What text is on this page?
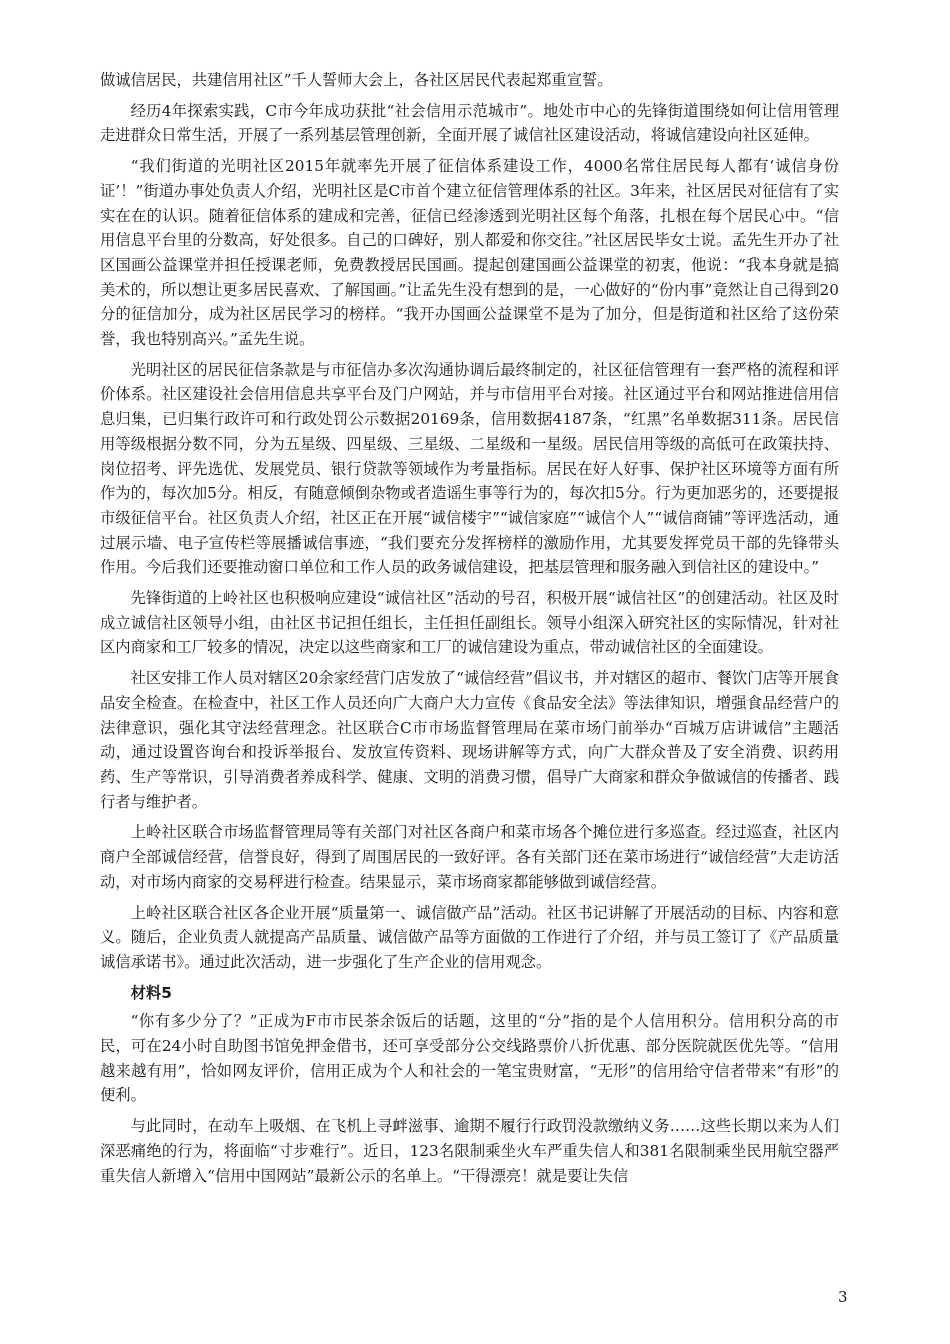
做诚信居民，共建信用社区”千人誓师大会上，各社区居民代表起郑重宣誓。

经历4年探索实践，C市今年成功获批“社会信用示范城市”。地处市中心的先锋街道围绕如何让信用管理走进群众日常生活，开展了一系列基层管理创新，全面开展了诚信社区建设活动，将诚信建设向社区延伸。

“我们街道的光明社区2015年就率先开展了征信体系建设工作，4000名常住居民每人都有‘诚信身份证’！”街道办事处负责人介绍，光明社区是C市首个建立征信管理体系的社区。3年来，社区居民对征信有了实实在在的认识。随着征信体系的建成和完善，征信已经渗透到光明社区每个角落，扎根在每个居民心中。“信用信息平台里的分数高，好处很多。自己的口碑好，别人都爱和你交往。”社区居民毕女士说。孟先生开办了社区国画公益课堂并担任授课老师，免费教授居民国画。提起创建国画公益课堂的初衷，他说：“我本身就是搞美术的，所以想让更多居民喜欢、了解国画。”让孟先生没有想到的是，一心做好的“份内事”竟然让自己得到20分的征信加分，成为社区居民学习的榜样。“我开办国画公益课堂不是为了加分，但是街道和社区给了这份荣誉，我也特别高兴。”孟先生说。

光明社区的居民征信条款是与市征信办多次沟通协调后最终制定的，社区征信管理有一套严格的流程和评价体系。社区建设社会信用信息共享平台及门户网站，并与市信用平台对接。社区通过平台和网站推进信用信息归集，已归集行政许可和行政处罚公示数据20169条，信用数据4187条，“红黑”名单数据311条。居民信用等级根据分数不同，分为五星级、四星级、三星级、二星级和一星级。居民信用等级的高低可在政策扶持、岗位招考、评先选优、发展党员、银行贷款等领域作为考量指标。居民在好人好事、保护社区环境等方面有所作为的，每次加5分。相反，有随意倾倒杂物或者造谣生事等行为的，每次扣5分。行为更加恶劣的，还要提报市级征信平台。社区负责人介绍，社区正在开展“诚信楼宇”“诚信家庭”“诚信个人”“诚信商铺”等评选活动，通过展示墙、电子宣传栏等展播诚信事迹，“我们要充分发挥榜样的激励作用，尤其要发挥党员干部的先锋带头作用。今后我们还要推动窗口单位和工作人员的政务诚信建设，把基层管理和服务融入到信社区的建设中。”

先锋街道的上岭社区也积极响应建设“诚信社区”活动的号召，积极开展“诚信社区”的创建活动。社区及时成立诚信社区领导小组，由社区书记担任组长，主任担任副组长。领导小组深入研究社区的实际情况，针对社区内商家和工厂较多的情况，决定以这些商家和工厂的诚信建设为重点，带动诚信社区的全面建设。

社区安排工作人员对辖区20余家经营门店发放了“诚信经营”倡议书，并对辖区的超市、餐饮门店等开展食品安全检查。在检查中，社区工作人员还向广大商户大力宣传《食品安全法》等法律知识，增强食品经营户的法律意识，强化其守法经营理念。社区联合C市市场监督管理局在菜市场门前举办“百城万店讲诚信”主题活动，通过设置咨询台和投诉举报台、发放宣传资料、现场讲解等方式，向广大群众普及了安全消费、识药用药、生产等常识，引导消费者养成科学、健康、文明的消费习惯，倡导广大商家和群众争做诚信的传播者、践行者与维护者。

上岭社区联合市场监督管理局等有关部门对社区各商户和菜市场各个摊位进行多巡查。经过巡查，社区内商户全部诚信经营，信誉良好，得到了周围居民的一致好评。各有关部门还在菜市场进行“诚信经营”大走访活动，对市场内商家的交易秤进行检查。结果显示，菜市场商家都能够做到诚信经营。

上岭社区联合社区各企业开展“质量第一、诚信做产品”活动。社区书记讲解了开展活动的目标、内容和意义。随后，企业负责人就提高产品质量、诚信做产品等方面做的工作进行了介绍，并与员工签订了《产品质量诚信承诺书》。通过此次活动，进一步强化了生产企业的信用观念。

材料5

“你有多少分了？”正成为F市市民茶余饭后的话题，这里的“分”指的是个人信用积分。信用积分高的市民，可在24小时自助图书馆免押金借书，还可享受部分公交线路票价八折优惠、部分医院就医优先等。“信用越来越有用”，恰如网友评价，信用正成为个人和社会的一笔宝贵财富，“无形”的信用给守信者带来“有形”的便利。

与此同时，在动车上吸烟、在飞机上寻衅滋事、逾期不履行行政罚没款缴纳义务……这些长期以来为人们深恶痛绝的行为，将面临“寸步难行”。近日，123名限制乘坐火车严重失信人和381名限制乘坐民用航空器严重失信人新增入“信用中国网站”最新公示的名单上。“干得漂亮！就是要让失信

3
